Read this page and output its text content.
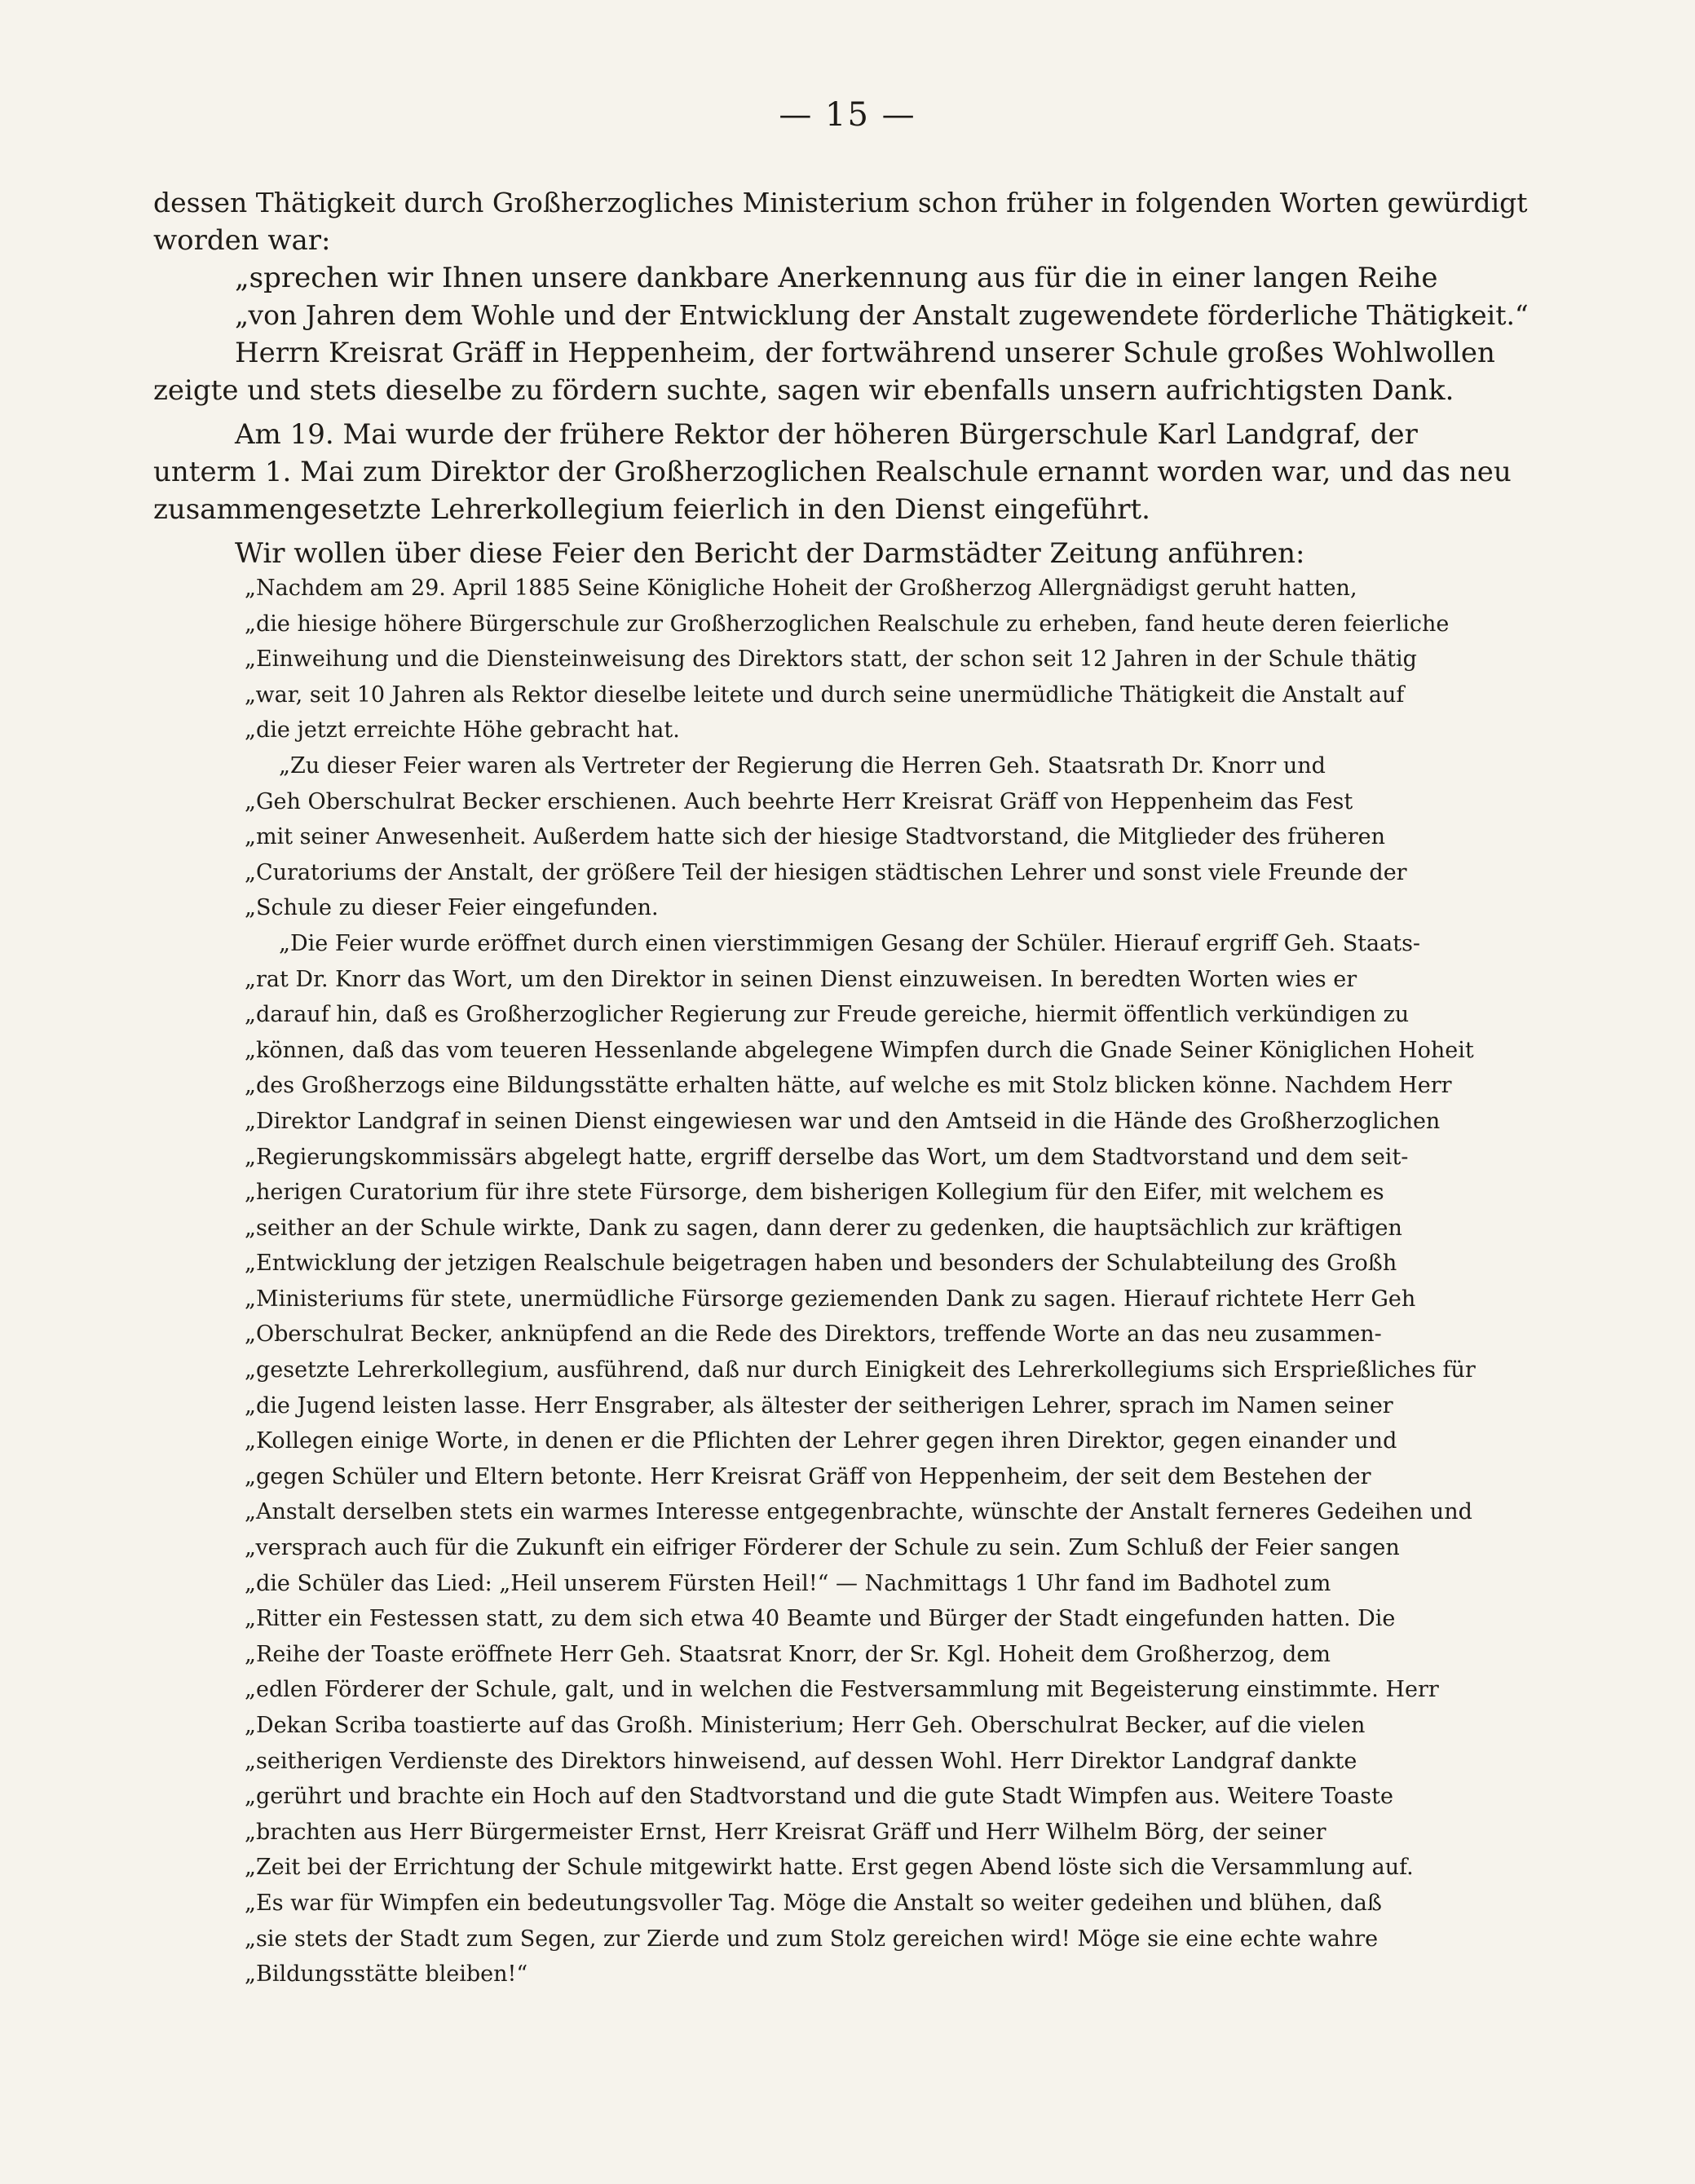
— 15 —
dessen Thätigkeit durch Großherzogliches Ministerium schon früher in folgenden Worten gewürdigt
worden war:
„sprechen wir Ihnen unsere dankbare Anerkennung aus für die in einer langen Reihe
„von Jahren dem Wohle und der Entwicklung der Anstalt zugewendete förderliche Thätigkeit.“
Herrn Kreisrat Gräff in Heppenheim, der fortwährend unserer Schule großes Wohlwollen
zeigte und stets dieselbe zu fördern suchte, sagen wir ebenfalls unsern aufrichtigsten Dank.
Am 19. Mai wurde der frühere Rektor der höheren Bürgerschule Karl Landgraf, der
unterm 1. Mai zum Direktor der Großherzoglichen Realschule ernannt worden war, und das neu
zusammengesetzte Lehrerkollegium feierlich in den Dienst eingeführt.
Wir wollen über diese Feier den Bericht der Darmstädter Zeitung anführen:
„Nachdem am 29. April 1885 Seine Königliche Hoheit der Großherzog Allergnädigst geruht hatten,
„die hiesige höhere Bürgerschule zur Großherzoglichen Realschule zu erheben, fand heute deren feierliche
„Einweihung und die Diensteinweisung des Direktors statt, der schon seit 12 Jahren in der Schule thätig
„war, seit 10 Jahren als Rektor dieselbe leitete und durch seine unermüdliche Thätigkeit die Anstalt auf
„die jetzt erreichte Höhe gebracht hat.
„Zu dieser Feier waren als Vertreter der Regierung die Herren Geh. Staatsrath Dr. Knorr und
„Geh Oberschulrat Becker erschienen. Auch beehrte Herr Kreisrat Gräff von Heppenheim das Fest
„mit seiner Anwesenheit. Außerdem hatte sich der hiesige Stadtvorstand, die Mitglieder des früheren
„Curatoriums der Anstalt, der größere Teil der hiesigen städtischen Lehrer und sonst viele Freunde der
„Schule zu dieser Feier eingefunden.
„Die Feier wurde eröffnet durch einen vierstimmigen Gesang der Schüler. Hierauf ergriff Geh. Staats-
„rat Dr. Knorr das Wort, um den Direktor in seinen Dienst einzuweisen. In beredten Worten wies er
„darauf hin, daß es Großherzoglicher Regierung zur Freude gereiche, hiermit öffentlich verkündigen zu
„können, daß das vom teueren Hessenlande abgelegene Wimpfen durch die Gnade Seiner Königlichen Hoheit
„des Großherzogs eine Bildungsstätte erhalten hätte, auf welche es mit Stolz blicken könne. Nachdem Herr
„Direktor Landgraf in seinen Dienst eingewiesen war und den Amtseid in die Hände des Großherzoglichen
„Regierungskommissärs abgelegt hatte, ergriff derselbe das Wort, um dem Stadtvorstand und dem seit-
„herigen Curatorium für ihre stete Fürsorge, dem bisherigen Kollegium für den Eifer, mit welchem es
„seither an der Schule wirkte, Dank zu sagen, dann derer zu gedenken, die hauptsächlich zur kräftigen
„Entwicklung der jetzigen Realschule beigetragen haben und besonders der Schulabteilung des Großh
„Ministeriums für stete, unermüdliche Fürsorge geziemenden Dank zu sagen. Hierauf richtete Herr Geh
„Oberschulrat Becker, anknüpfend an die Rede des Direktors, treffende Worte an das neu zusammen-
„gesetzte Lehrerkollegium, ausführend, daß nur durch Einigkeit des Lehrerkollegiums sich Ersprießliches für
„die Jugend leisten lasse. Herr Ensgraber, als ältester der seitherigen Lehrer, sprach im Namen seiner
„Kollegen einige Worte, in denen er die Pflichten der Lehrer gegen ihren Direktor, gegen einander und
„gegen Schüler und Eltern betonte. Herr Kreisrat Gräff von Heppenheim, der seit dem Bestehen der
„Anstalt derselben stets ein warmes Interesse entgegenbrachte, wünschte der Anstalt ferneres Gedeihen und
„versprach auch für die Zukunft ein eifriger Förderer der Schule zu sein. Zum Schluß der Feier sangen
„die Schüler das Lied: „Heil unserem Fürsten Heil!“ — Nachmittags 1 Uhr fand im Badhotel zum
„Ritter ein Festessen statt, zu dem sich etwa 40 Beamte und Bürger der Stadt eingefunden hatten. Die
„Reihe der Toaste eröffnete Herr Geh. Staatsrat Knorr, der Sr. Kgl. Hoheit dem Großherzog, dem
„edlen Förderer der Schule, galt, und in welchen die Festversammlung mit Begeisterung einstimmte. Herr
„Dekan Scriba toastierte auf das Großh. Ministerium; Herr Geh. Oberschulrat Becker, auf die vielen
„seitherigen Verdienste des Direktors hinweisend, auf dessen Wohl. Herr Direktor Landgraf dankte
„gerührt und brachte ein Hoch auf den Stadtvorstand und die gute Stadt Wimpfen aus. Weitere Toaste
„brachten aus Herr Bürgermeister Ernst, Herr Kreisrat Gräff und Herr Wilhelm Börg, der seiner
„Zeit bei der Errichtung der Schule mitgewirkt hatte. Erst gegen Abend löste sich die Versammlung auf.
„Es war für Wimpfen ein bedeutungsvoller Tag. Möge die Anstalt so weiter gedeihen und blühen, daß
„sie stets der Stadt zum Segen, zur Zierde und zum Stolz gereichen wird! Möge sie eine echte wahre
„Bildungsstätte bleiben!“
